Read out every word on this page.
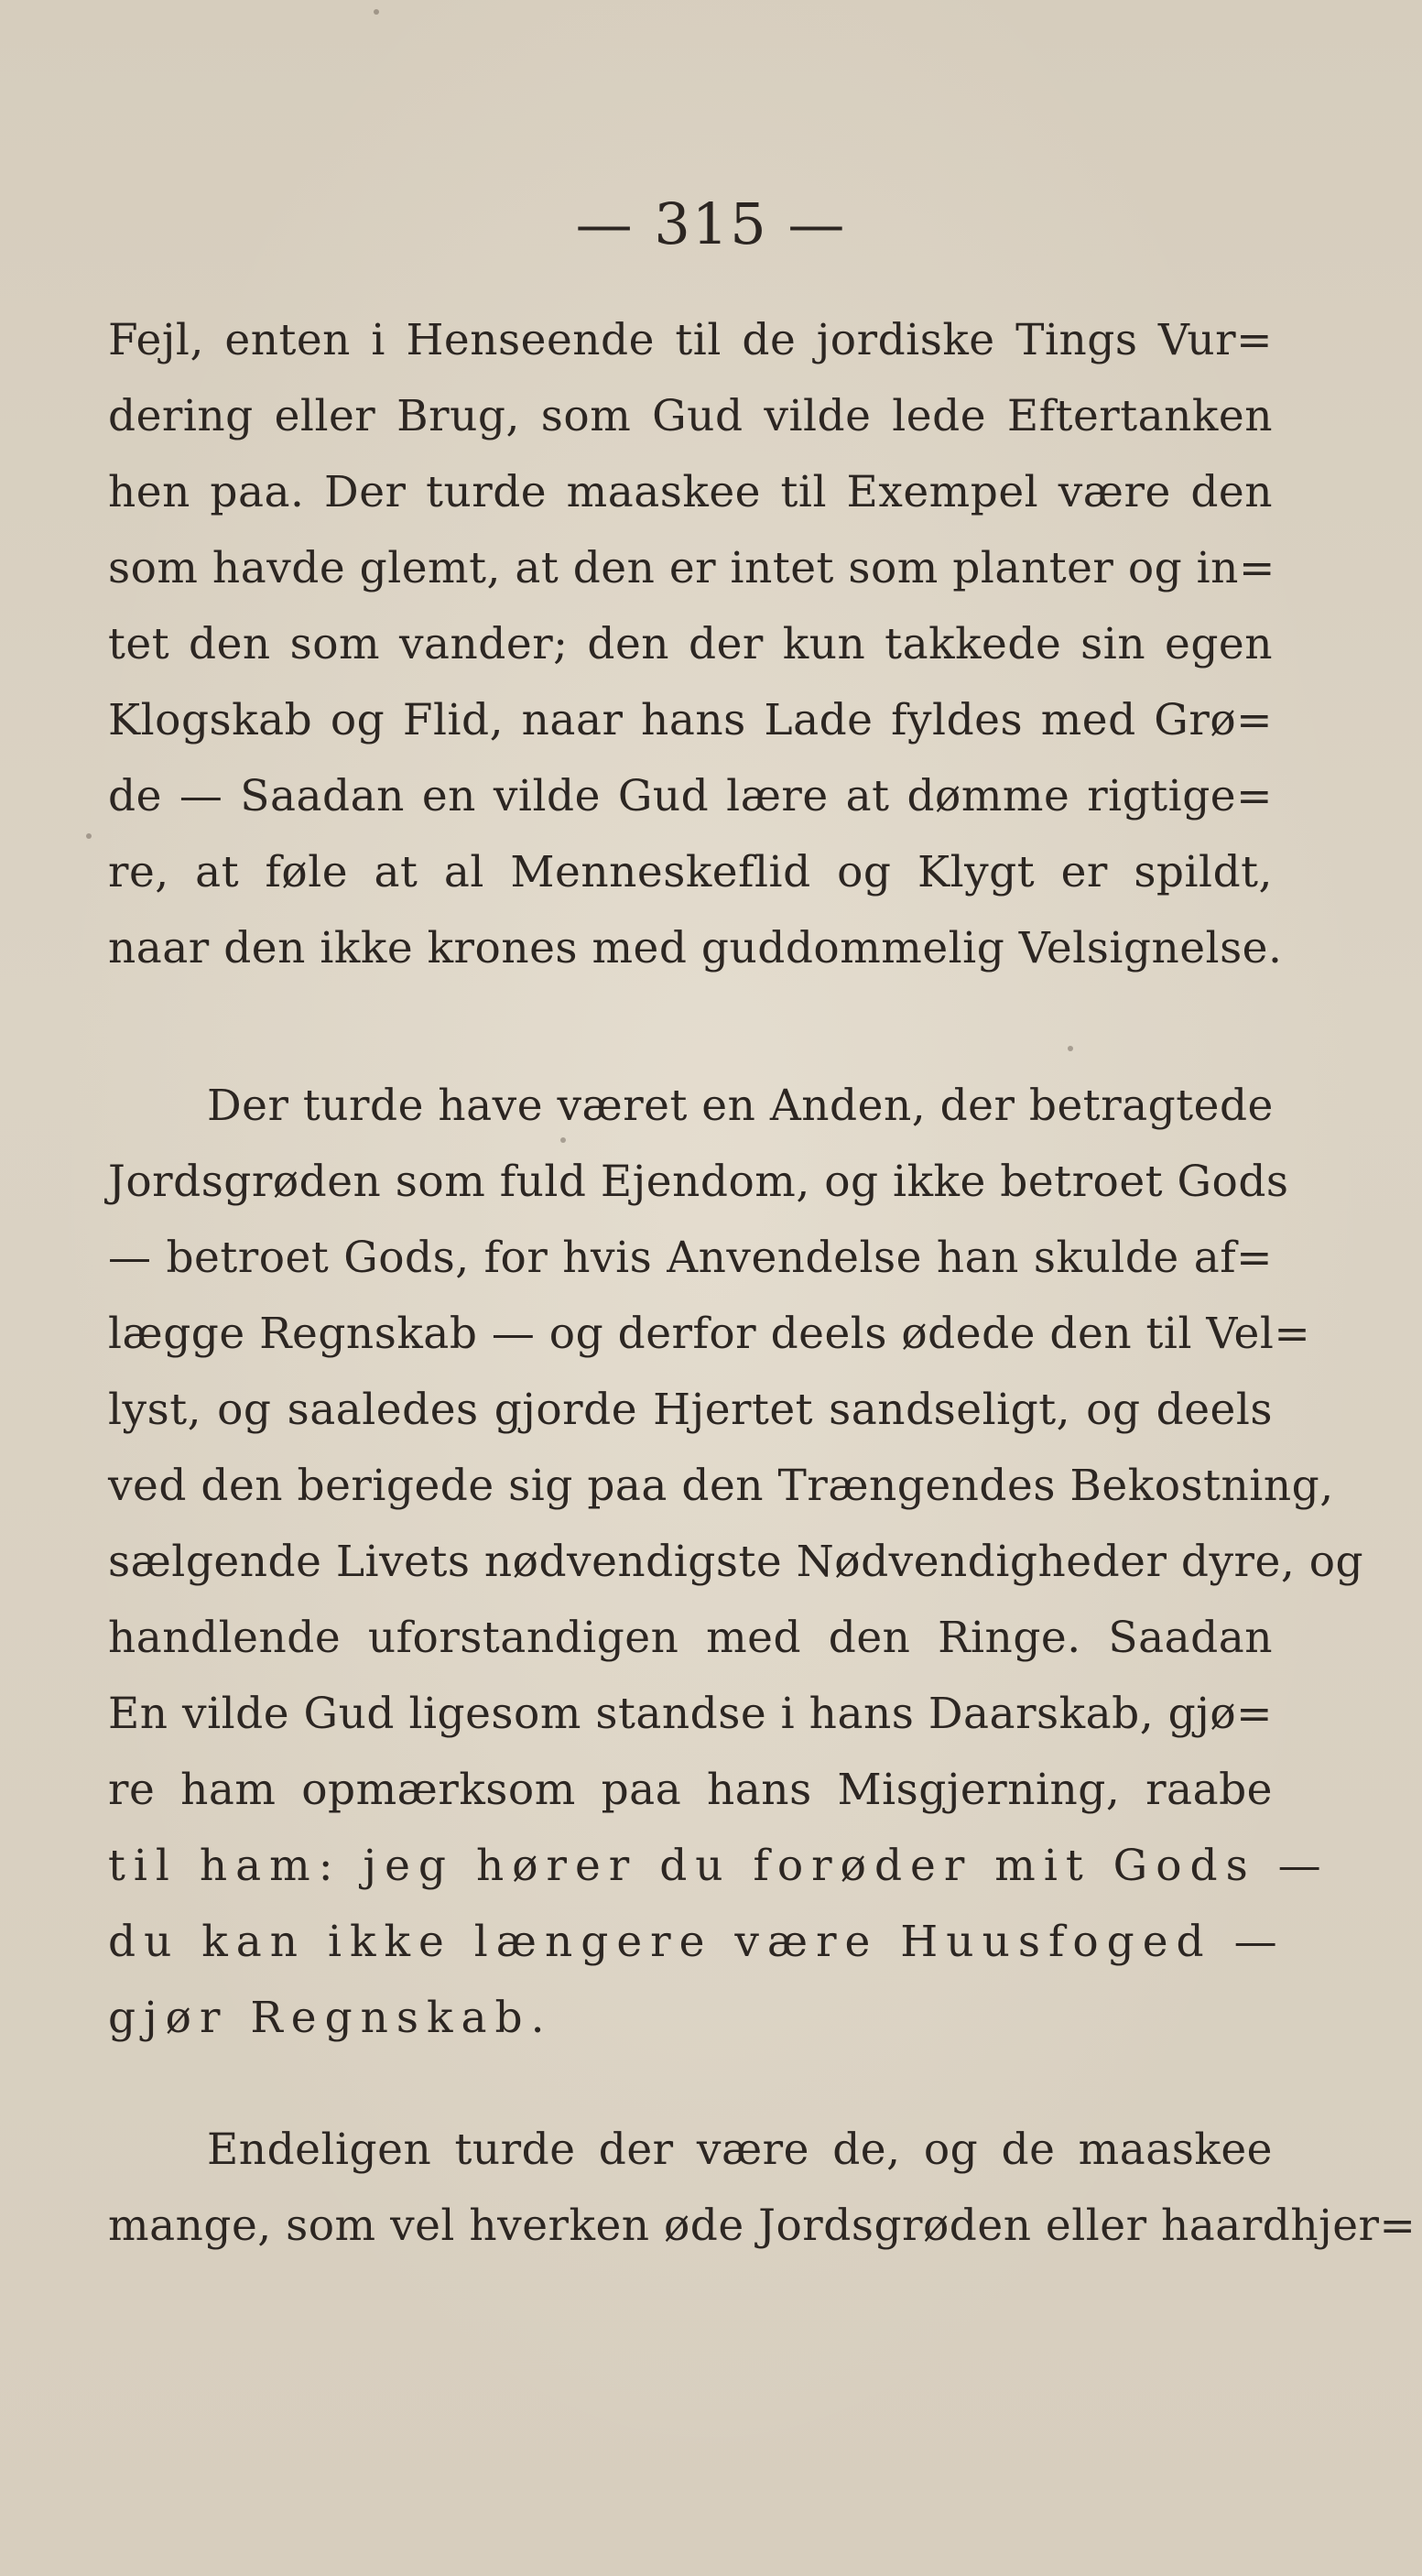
— 315 —
Fejl, enten i Henseende til de jordiske Tings Vur=
dering eller Brug, som Gud vilde lede Eftertanken
hen paa. Der turde maaskee til Exempel være den
som havde glemt, at den er intet som planter og in=
tet den som vander; den der kun takkede sin egen
Klogskab og Flid, naar hans Lade fyldes med Grø=
de — Saadan en vilde Gud lære at dømme rigtige=
re, at føle at al Menneskeflid og Klygt er spildt,
naar den ikke krones med guddommelig Velsignelse.
Der turde have været en Anden, der betragtede
Jordsgrøden som fuld Ejendom, og ikke betroet Gods
— betroet Gods, for hvis Anvendelse han skulde af=
lægge Regnskab — og derfor deels ødede den til Vel=
lyst, og saaledes gjorde Hjertet sandseligt, og deels
ved den berigede sig paa den Trængendes Bekostning,
sælgende Livets nødvendigste Nødvendigheder dyre, og
handlende uforstandigen med den Ringe. Saadan
En vilde Gud ligesom standse i hans Daarskab, gjø=
re ham opmærksom paa hans Misgjerning, raabe
til ham: jeg hører du forøder mit Gods —
du kan ikke længere være Huusfoged —
gjør Regnskab.
Endeligen turde der være de, og de maaskee
mange, som vel hverken øde Jordsgrøden eller haardhjer=
